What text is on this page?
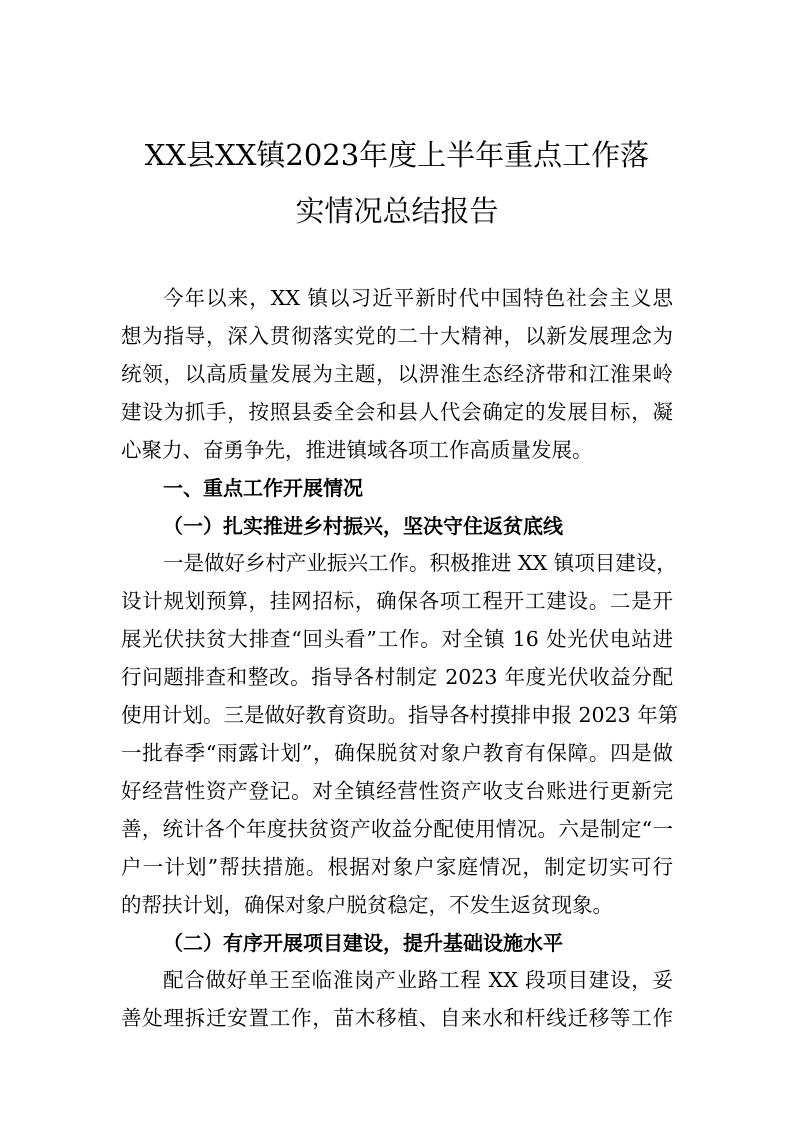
XX县XX镇2023年度上半年重点工作落
实情况总结报告
今年以来，XX 镇以习近平新时代中国特色社会主义思
想为指导，深入贯彻落实党的二十大精神，以新发展理念为
统领，以高质量发展为主题，以淠淮生态经济带和江淮果岭
建设为抓手，按照县委全会和县人代会确定的发展目标，凝
心聚力、奋勇争先，推进镇域各项工作高质量发展。
一、重点工作开展情况
（一）扎实推进乡村振兴，坚决守住返贫底线
一是做好乡村产业振兴工作。积极推进 XX 镇项目建设，
设计规划预算，挂网招标，确保各项工程开工建设。二是开
展光伏扶贫大排查“回头看”工作。对全镇 16 处光伏电站进
行问题排查和整改。指导各村制定 2023 年度光伏收益分配
使用计划。三是做好教育资助。指导各村摸排申报 2023 年第
一批春季“雨露计划”，确保脱贫对象户教育有保障。四是做
好经营性资产登记。对全镇经营性资产收支台账进行更新完
善，统计各个年度扶贫资产收益分配使用情况。六是制定“一
户一计划”帮扶措施。根据对象户家庭情况，制定切实可行
的帮扶计划，确保对象户脱贫稳定，不发生返贫现象。
（二）有序开展项目建设，提升基础设施水平
配合做好单王至临淮岗产业路工程 XX 段项目建设，妥
善处理拆迁安置工作，苗木移植、自来水和杆线迁移等工作
